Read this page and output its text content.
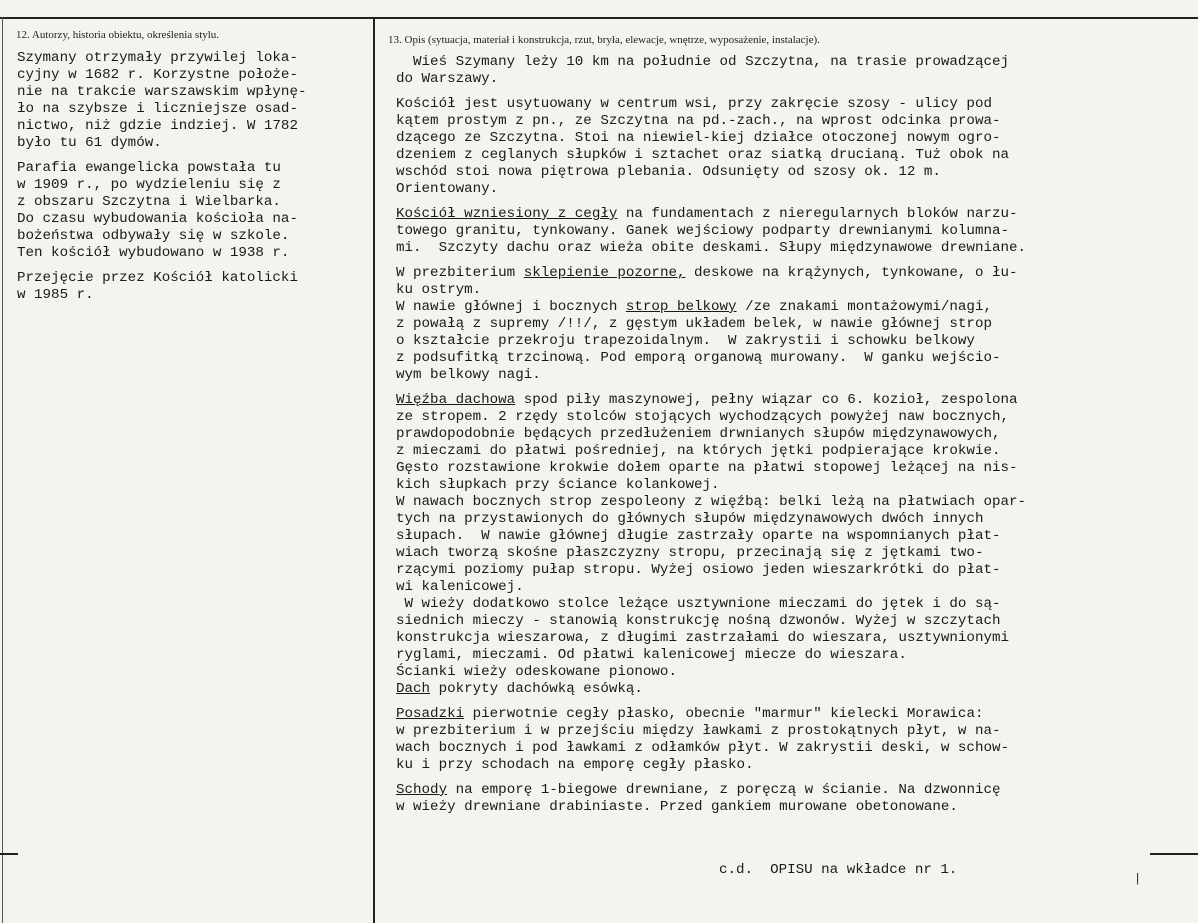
12. Autorzy, historia obiektu, określenia stylu.	13. Opis (sytuacja, materiał i konstrukcja, rzut, bryła, elewacje, wnętrze, wyposażenie, instalacje).
Szymany otrzymały przywilej loka-
cyjny w 1682 r. Korzystne położe-
nie na trakcie warszawskim wpłynę-
ło na szybsze i liczniejsze osad-
nictwo, niż gdzie indziej. W 1782
było tu 61 dymów.
Parafia ewangelicka powstała tu
w 1909 r., po wydzieleniu się z
z obszaru Szczytna i Wielbarka.
Do czasu wybudowania kościoła na-
bożeństwa odbywały się w szkole.
Ten kościół wybudowano w 1938 r.
Przejęcie przez Kościół katolicki
w 1985 r.
Wieś Szymany leży 10 km na południe od Szczytna, na trasie prowadzącej
do Warszawy.
Kościół jest usytuowany w centrum wsi, przy zakręcie szosy - ulicy pod
kątem prostym z pn., ze Szczytna na pd.-zach., na wprost odcinka prowa-
dzącego ze Szczytna. Stoi na niewiel-kiej działce otoczonej nowym ogro-
dzeniem z ceglanych słupków i sztachet oraz siatką drucianą. Tuż obok na
wschód stoi nowa piętrowa plebania. Odsunięty od szosy ok. 12 m.
Orientowany.
Kościół wzniesiony z cegły na fundamentach z nieregularnych bloków narzu-
towego granitu, tynkowany. Ganek wejściowy podparty drewnianymi kolumna-
mi.  Szczyty dachu oraz wieża obite deskami. Słupy międzynawowe drewniane.
W prezbiterium sklepienie pozorne, deskowe na krążynych, tynkowane, o łu-
ku ostrym.
W nawie głównej i bocznych strop belkowy /ze znakami montażowymi/nagi,
z powałą z supremy /!!/, z gęstym układem belek, w nawie głównej strop
o kształcie przekroju trapezoidalnym.  W zakrystii i schowku belkowy
z podsufitką trzcinową. Pod emporą organową murowany.  W ganku wejścio-
wym belkowy nagi.
Więźba dachowa spod piły maszynowej, pełny wiązar co 6. kozioł, zespolona
ze stropem. 2 rzędy stolców stojących wychodzących powyżej naw bocznych,
prawdopodobnie będących przedłużeniem drwnianych słupów międzynawowych,
z mieczami do płatwi pośredniej, na których jętki podpierające krokwie.
Gęsto rozstawione krokwie dołem oparte na płatwi stopowej leżącej na nis-
kich słupkach przy ściance kolankowej.
W nawach bocznych strop zespoleony z więźbą: belki leżą na płatwiach opar-
tych na przystawionych do głównych słupów międzynawowych dwóch innych
słupach.  W nawie głównej długie zastrzały oparte na wspomnianych płat-
wiach tworzą skośne płaszczyzny stropu, przecinają się z jętkami two-
rzącymi poziomy pułap stropu. Wyżej osiowo jeden wieszarkrótki do płat-
wi kalenicowej.
W wieży dodatkowo stolce leżące usztywnione mieczami do jętek i do są-
siednich mieczy - stanowią konstrukcję nośną dzwonów. Wyżej w szczytach
konstrukcja wieszarowa, z długimi zastrzałami do wieszara, usztywnionymi
ryglami, mieczami. Od płatwi kalenicowej miecze do wieszara.
Ścianki wieży odeskowane pionowo.
Dach pokryty dachówką esówką.
Posadzki pierwotnie cegły płasko, obecnie "marmur" kielecki Morawica:
w prezbiterium i w przejściu między ławkami z prostokątnych płyt, w na-
wach bocznych i pod ławkami z odłamków płyt. W zakrystii deski, w schow-
ku i przy schodach na emporę cegły płasko.
Schody na emporę 1-biegowe drewniane, z poręczą w ścianie. Na dzwonnicę
w wieży drewniane drabiniaste. Przed gankiem murowane obetonowane.
c.d.  OPISU na wkładce nr 1.
|
